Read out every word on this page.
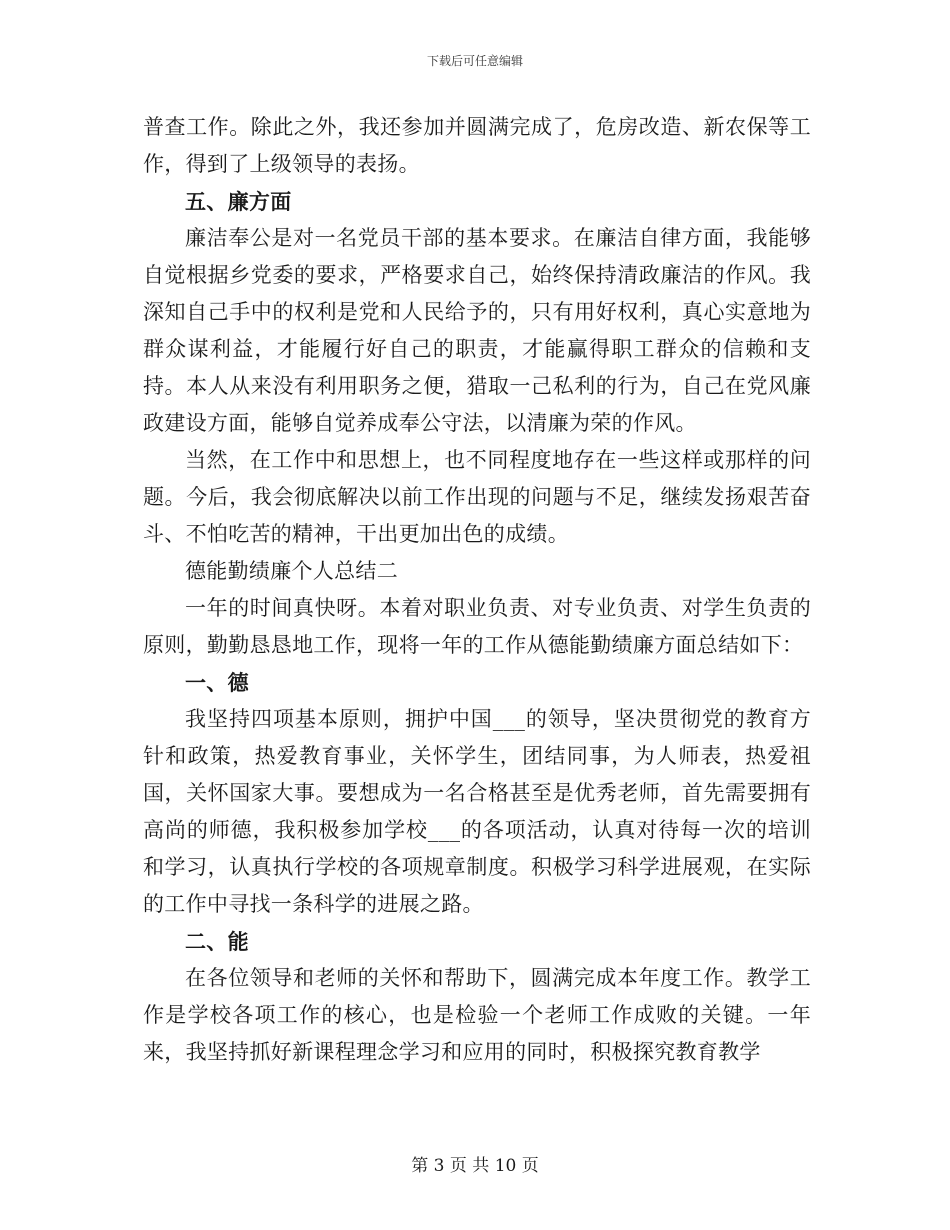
下载后可任意编辑

普查工作。除此之外，我还参加并圆满完成了，危房改造、新农保等工作，得到了上级领导的表扬。

五、廉方面

廉洁奉公是对一名党员干部的基本要求。在廉洁自律方面，我能够自觉根据乡党委的要求，严格要求自己，始终保持清政廉洁的作风。我深知自己手中的权利是党和人民给予的，只有用好权利，真心实意地为群众谋利益，才能履行好自己的职责，才能赢得职工群众的信赖和支持。本人从来没有利用职务之便，猎取一己私利的行为，自己在党风廉政建设方面，能够自觉养成奉公守法，以清廉为荣的作风。

当然，在工作中和思想上，也不同程度地存在一些这样或那样的问题。今后，我会彻底解决以前工作出现的问题与不足，继续发扬艰苦奋斗、不怕吃苦的精神，干出更加出色的成绩。

德能勤绩廉个人总结二

一年的时间真快呀。本着对职业负责、对专业负责、对学生负责的原则，勤勤恳恳地工作，现将一年的工作从德能勤绩廉方面总结如下：

一、德

我坚持四项基本原则，拥护中国___的领导，坚决贯彻党的教育方针和政策，热爱教育事业，关怀学生，团结同事，为人师表，热爱祖国，关怀国家大事。要想成为一名合格甚至是优秀老师，首先需要拥有高尚的师德，我积极参加学校___的各项活动，认真对待每一次的培训和学习，认真执行学校的各项规章制度。积极学习科学进展观，在实际的工作中寻找一条科学的进展之路。

二、能

在各位领导和老师的关怀和帮助下，圆满完成本年度工作。教学工作是学校各项工作的核心，也是检验一个老师工作成败的关键。一年来，我坚持抓好新课程理念学习和应用的同时，积极探究教育教学

第 3 页 共 10 页
